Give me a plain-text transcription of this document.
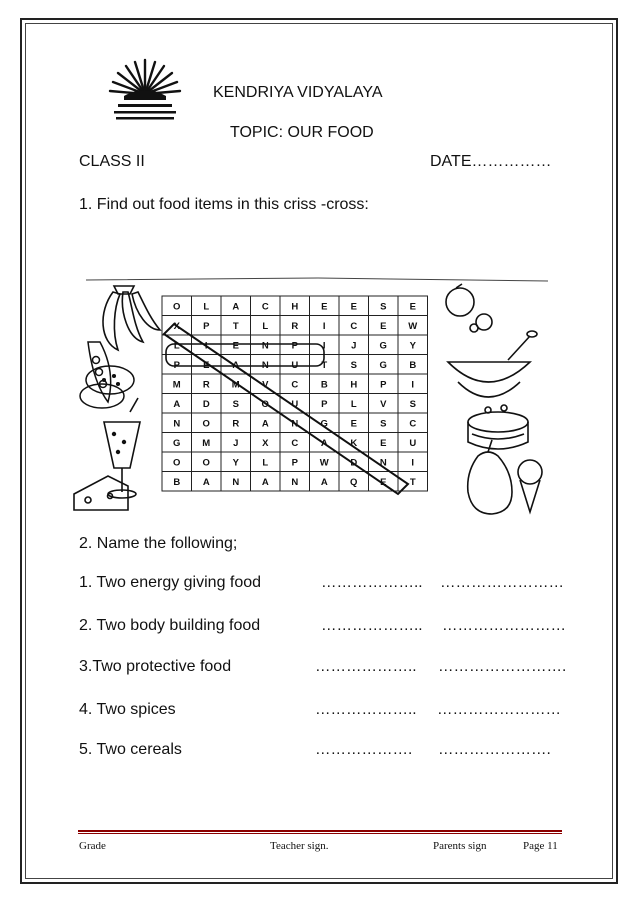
KENDRIYA VIDYALAYA
TOPIC: OUR FOOD
CLASS II	DATE……………
1. Find out food items in this criss -cross:
O L A C H E E S E
X P T L R	I	C E W
L	I	E N P	I	J G Y
P E A N U T S G B
M R M V C B H P	I
A D S O U P L V S
N O R A N G E S C
G M J X C A K E U
O O Y L P W D N	I
B A N A N A Q E T
2. Name the following;
1. Two energy giving food	……………….. ……………………
2. Two body building food	……………….. ……………………
3.Two protective food	……………….. …………………….
4. Two spices	……………….. ……………………
5. Two cereals	………………. ………………….
Grade	Teacher sign.	Parents sign	Page 11
